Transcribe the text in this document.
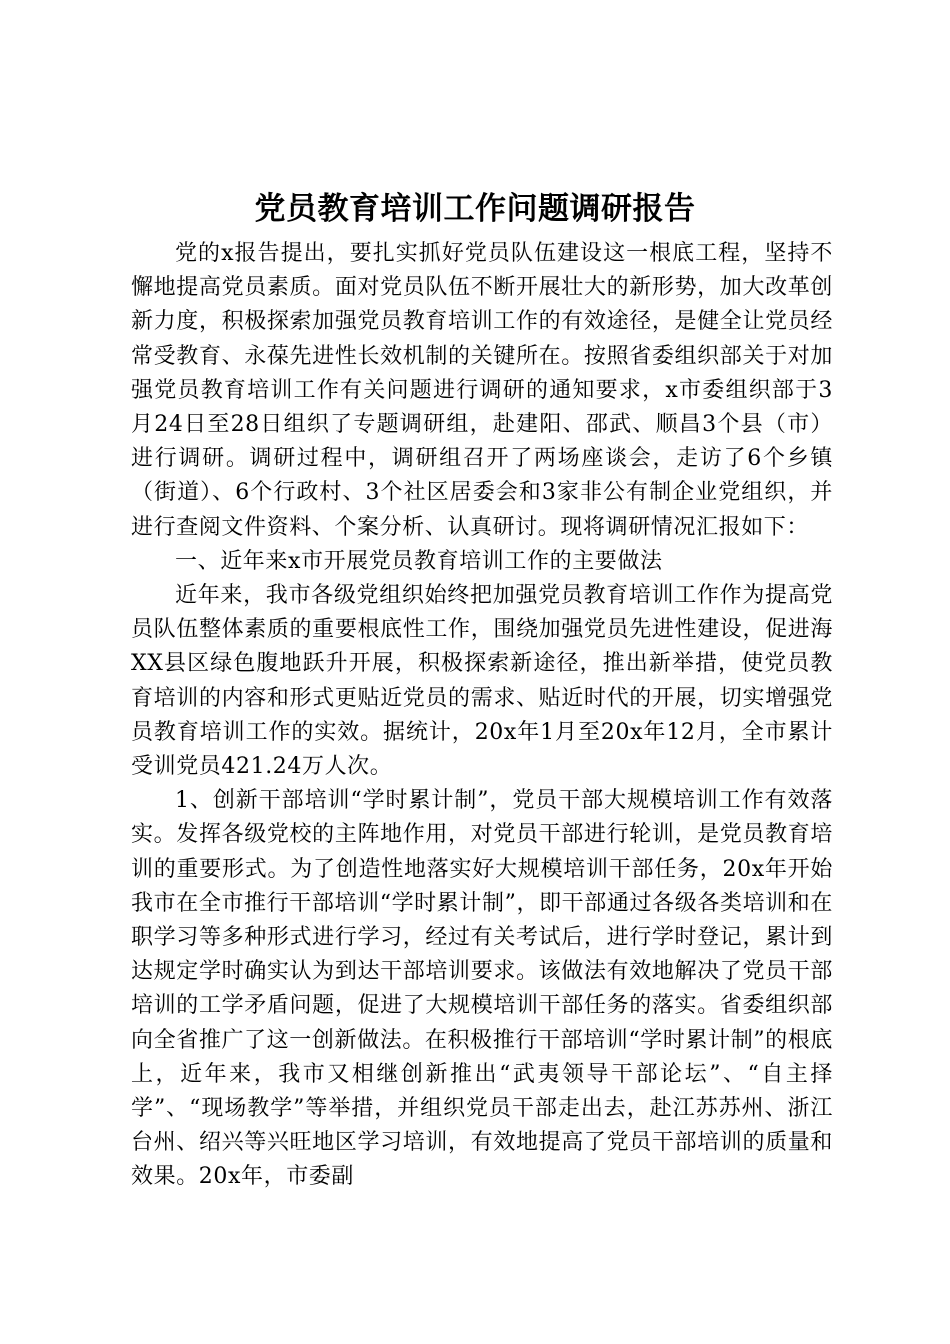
党员教育培训工作问题调研报告

党的x报告提出，要扎实抓好党员队伍建设这一根底工程，坚持不懈地提高党员素质。面对党员队伍不断开展壮大的新形势，加大改革创新力度，积极探索加强党员教育培训工作的有效途径，是健全让党员经常受教育、永葆先进性长效机制的关键所在。按照省委组织部关于对加强党员教育培训工作有关问题进行调研的通知要求，x市委组织部于3月24日至28日组织了专题调研组，赴建阳、邵武、顺昌3个县（市）进行调研。调研过程中，调研组召开了两场座谈会，走访了6个乡镇（街道）、6个行政村、3个社区居委会和3家非公有制企业党组织，并进行查阅文件资料、个案分析、认真研讨。现将调研情况汇报如下：

一、近年来x市开展党员教育培训工作的主要做法

近年来，我市各级党组织始终把加强党员教育培训工作作为提高党员队伍整体素质的重要根底性工作，围绕加强党员先进性建设，促进海XX县区绿色腹地跃升开展，积极探索新途径，推出新举措，使党员教育培训的内容和形式更贴近党员的需求、贴近时代的开展，切实增强党员教育培训工作的实效。据统计，20x年1月至20x年12月，全市累计受训党员421.24万人次。

1、创新干部培训“学时累计制”，党员干部大规模培训工作有效落实。发挥各级党校的主阵地作用，对党员干部进行轮训，是党员教育培训的重要形式。为了创造性地落实好大规模培训干部任务，20x年开始我市在全市推行干部培训“学时累计制”，即干部通过各级各类培训和在职学习等多种形式进行学习，经过有关考试后，进行学时登记，累计到达规定学时确实认为到达干部培训要求。该做法有效地解决了党员干部培训的工学矛盾问题，促进了大规模培训干部任务的落实。省委组织部向全省推广了这一创新做法。在积极推行干部培训“学时累计制”的根底上，近年来，我市又相继创新推出“武夷领导干部论坛”、“自主择学”、“现场教学”等举措，并组织党员干部走出去，赴江苏苏州、浙江台州、绍兴等兴旺地区学习培训，有效地提高了党员干部培训的质量和效果。20x年，市委副
